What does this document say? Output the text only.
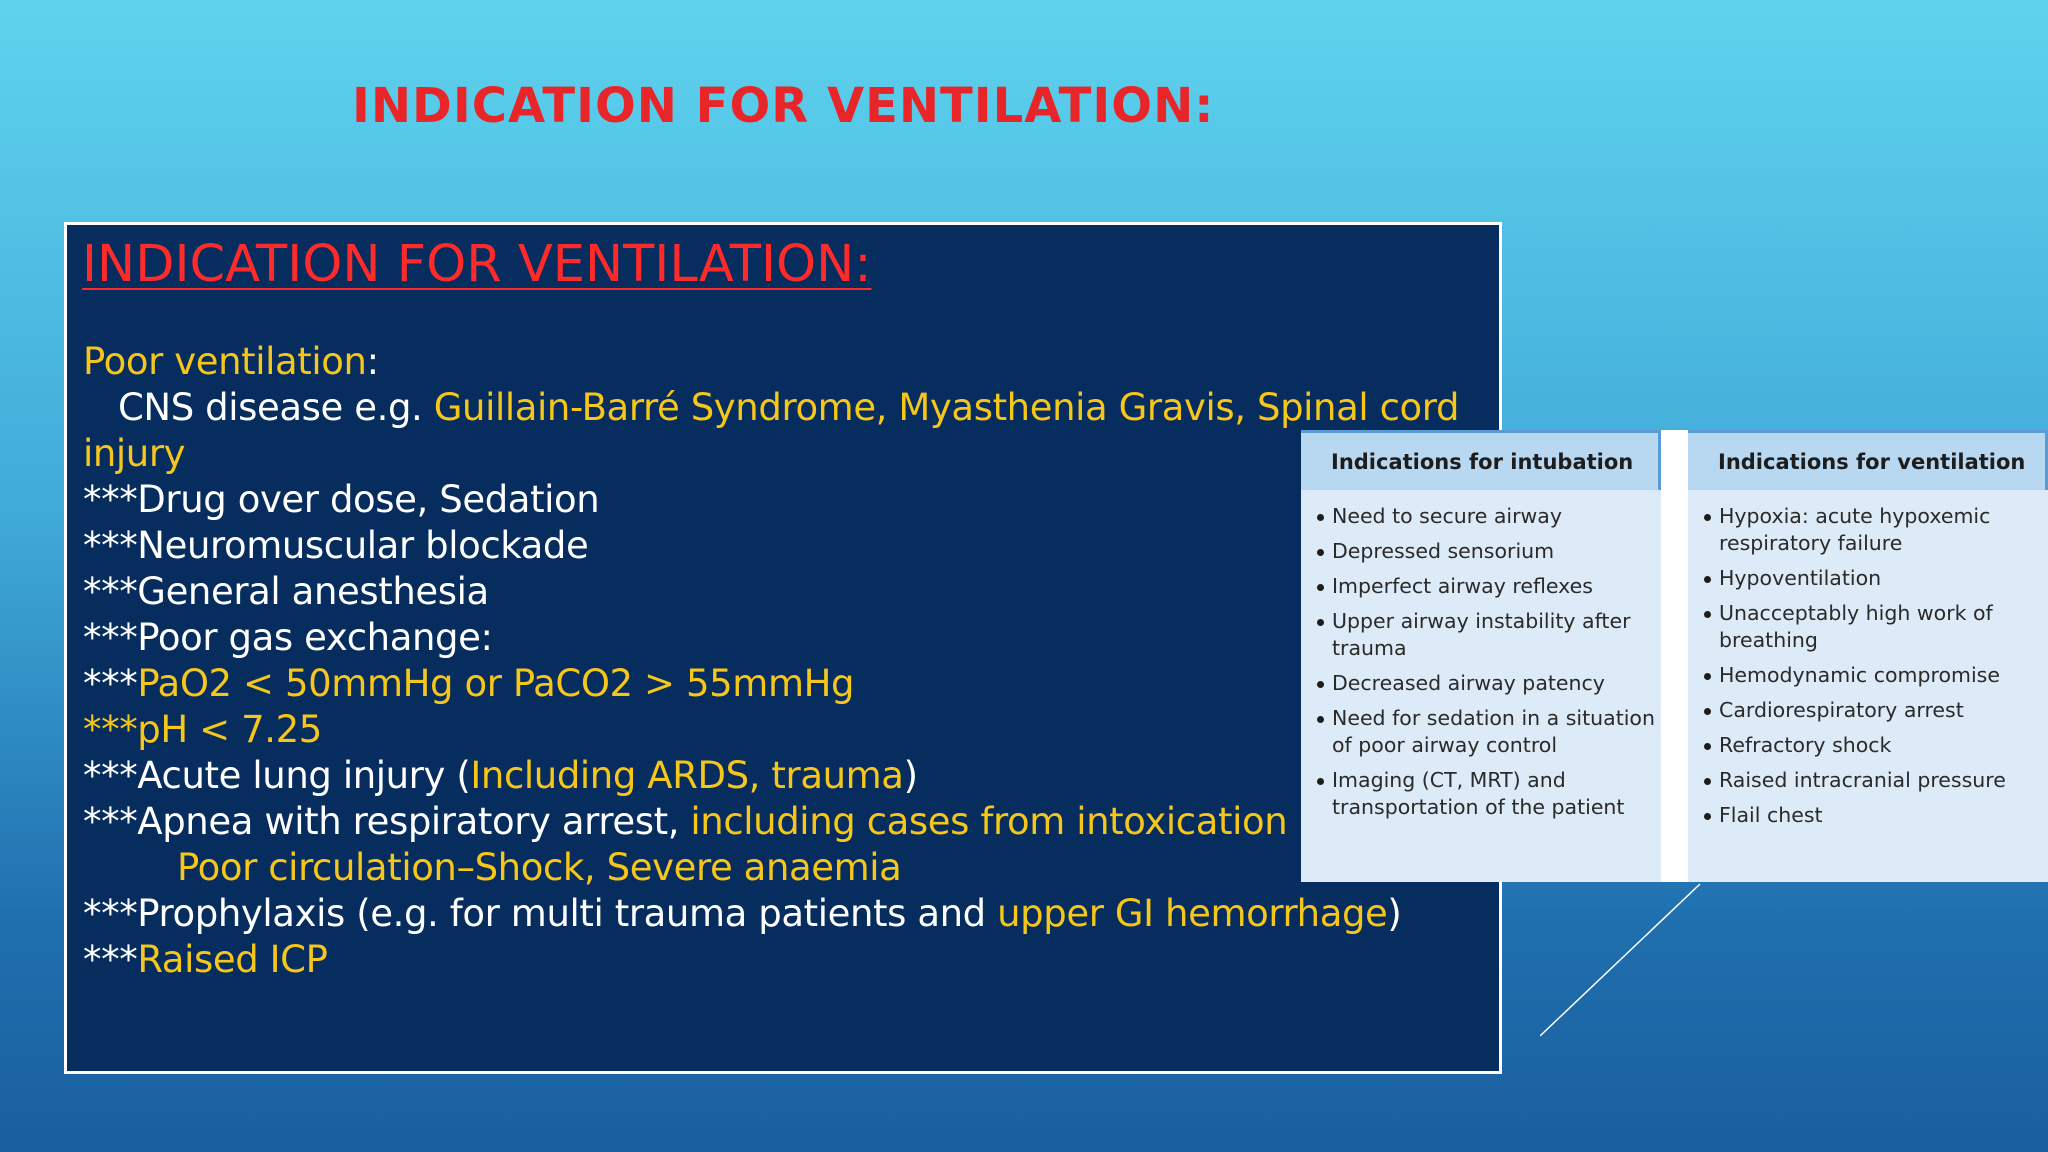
INDICATION FOR VENTILATION:
INDICATION FOR VENTILATION:
Poor ventilation:
CNS disease e.g. Guillain-Barré Syndrome, Myasthenia Gravis, Spinal cord
injury
***Drug over dose, Sedation
***Neuromuscular blockade
***General anesthesia
***Poor gas exchange:
***PaO2 < 50mmHg or PaCO2 > 55mmHg
***pH < 7.25
***Acute lung injury (Including ARDS, trauma)
***Apnea with respiratory arrest, including cases from intoxication
Poor circulation–Shock, Severe anaemia
***Prophylaxis (e.g. for multi trauma patients and upper GI hemorrhage)
***Raised ICP
Indications for intubation
Need to secure airway
Depressed sensorium
Imperfect airway reflexes
Upper airway instability after trauma
Decreased airway patency
Need for sedation in a situation of poor airway control
Imaging (CT, MRT) and transportation of the patient
Indications for ventilation
Hypoxia: acute hypoxemic respiratory failure
Hypoventilation
Unacceptably high work of breathing
Hemodynamic compromise
Cardiorespiratory arrest
Refractory shock
Raised intracranial pressure
Flail chest
